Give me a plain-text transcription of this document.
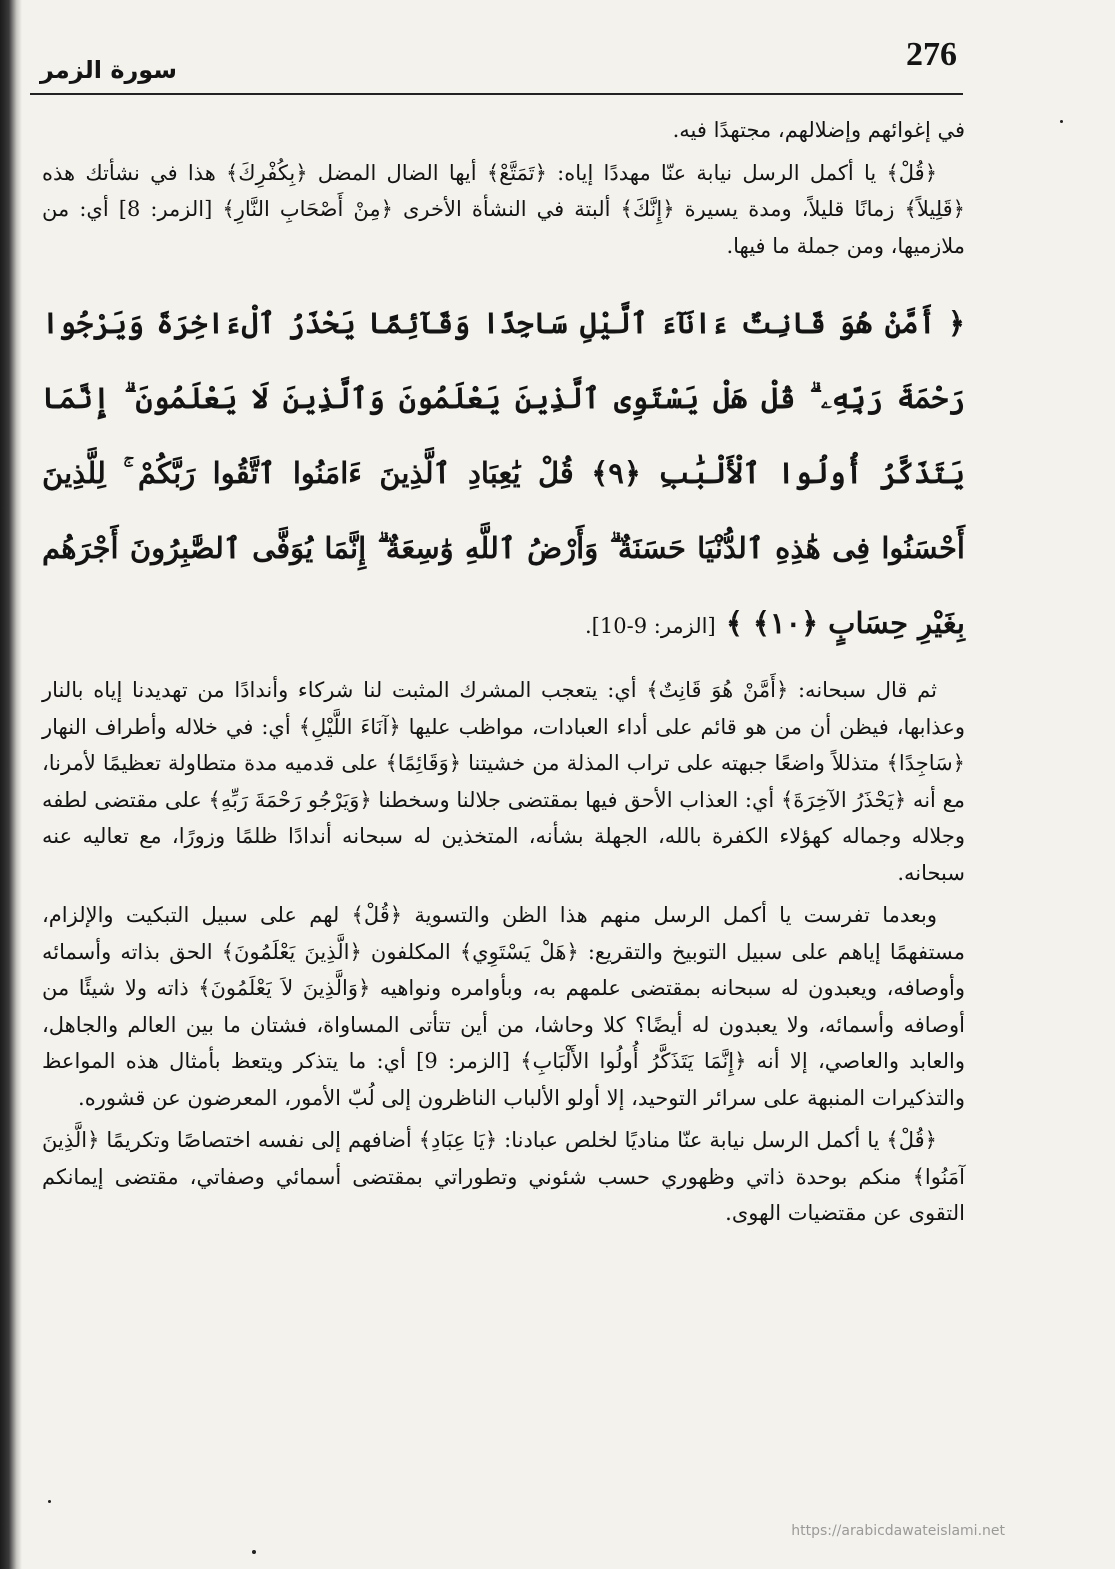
276
سورة الزمر

في إغوائهم وإضلالهم، مجتهدًا فيه.

﴿قُلْ﴾ يا أكمل الرسل نيابة عنّا مهددًا إياه: ﴿تَمَتَّعْ﴾ أيها الضال المضل ﴿بِكُفْرِكَ﴾ هذا في نشأتك هذه ﴿قَلِيلاً﴾ زمانًا قليلاً، ومدة يسيرة ﴿إِنَّكَ﴾ ألبتة في النشأة الأخرى ﴿مِنْ أَصْحَابِ النَّارِ﴾ [الزمر: 8] أي: من ملازميها، ومن جملة ما فيها.

﴿ أَمَّنْ هُوَ قَانِتٌ ءَانَآءَ ٱلَّيْلِ سَاجِدًا وَقَآئِمًا يَحْذَرُ ٱلْءَاخِرَةَ وَيَرْجُوا رَحْمَةَ رَبِّهِۦ ۗ قُلْ هَلْ يَسْتَوِى ٱلَّذِينَ يَعْلَمُونَ وَٱلَّذِينَ لَا يَعْلَمُونَ ۗ إِنَّمَا يَتَذَكَّرُ أُولُوا ٱلْأَلْبَٰبِ ﴿٩﴾ قُلْ يَٰعِبَادِ ٱلَّذِينَ ءَامَنُوا ٱتَّقُوا رَبَّكُمْ ۚ لِلَّذِينَ أَحْسَنُوا فِى هَٰذِهِ ٱلدُّنْيَا حَسَنَةٌ ۗ وَأَرْضُ ٱللَّهِ وَٰسِعَةٌ ۗ إِنَّمَا يُوَفَّى ٱلصَّٰبِرُونَ أَجْرَهُم بِغَيْرِ حِسَابٍ ﴿١٠﴾ ﴾ [الزمر: 9-10].

ثم قال سبحانه: ﴿أَمَّنْ هُوَ قَانِتٌ﴾ أي: يتعجب المشرك المثبت لنا شركاء وأندادًا من تهديدنا إياه بالنار وعذابها، فيظن أن من هو قائم على أداء العبادات، مواظب عليها ﴿آنَاءَ اللَّيْلِ﴾ أي: في خلاله وأطراف النهار ﴿سَاجِدًا﴾ متذللاً واضعًا جبهته على تراب المذلة من خشيتنا ﴿وَقَائِمًا﴾ على قدميه مدة متطاولة تعظيمًا لأمرنا، مع أنه ﴿يَحْذَرُ الآخِرَةَ﴾ أي: العذاب الأحق فيها بمقتضى جلالنا وسخطنا ﴿وَيَرْجُو رَحْمَةَ رَبِّهِ﴾ على مقتضى لطفه وجلاله وجماله كهؤلاء الكفرة بالله، الجهلة بشأنه، المتخذين له سبحانه أندادًا ظلمًا وزورًا، مع تعاليه عنه سبحانه.

وبعدما تفرست يا أكمل الرسل منهم هذا الظن والتسوية ﴿قُلْ﴾ لهم على سبيل التبكيت والإلزام، مستفهمًا إياهم على سبيل التوبيخ والتقريع: ﴿هَلْ يَسْتَوِي﴾ المكلفون ﴿الَّذِينَ يَعْلَمُونَ﴾ الحق بذاته وأسمائه وأوصافه، ويعبدون له سبحانه بمقتضى علمهم به، وبأوامره ونواهيه ﴿وَالَّذِينَ لاَ يَعْلَمُونَ﴾ ذاته ولا شيئًا من أوصافه وأسمائه، ولا يعبدون له أيضًا؟ كلا وحاشا، من أين تتأتى المساواة، فشتان ما بين العالم والجاهل، والعابد والعاصي، إلا أنه ﴿إِنَّمَا يَتَذَكَّرُ أُولُوا الأَلْبَابِ﴾ [الزمر: 9] أي: ما يتذكر ويتعظ بأمثال هذه المواعظ والتذكيرات المنبهة على سرائر التوحيد، إلا أولو الألباب الناظرون إلى لُبّ الأمور، المعرضون عن قشوره.

﴿قُلْ﴾ يا أكمل الرسل نيابة عنّا مناديًا لخلص عبادنا: ﴿يَا عِبَادِ﴾ أضافهم إلى نفسه اختصاصًا وتكريمًا ﴿الَّذِينَ آمَنُوا﴾ منكم بوحدة ذاتي وظهوري حسب شئوني وتطوراتي بمقتضى أسمائي وصفاتي، مقتضى إيمانكم التقوى عن مقتضيات الهوى.

https://arabicdawateislami.net
